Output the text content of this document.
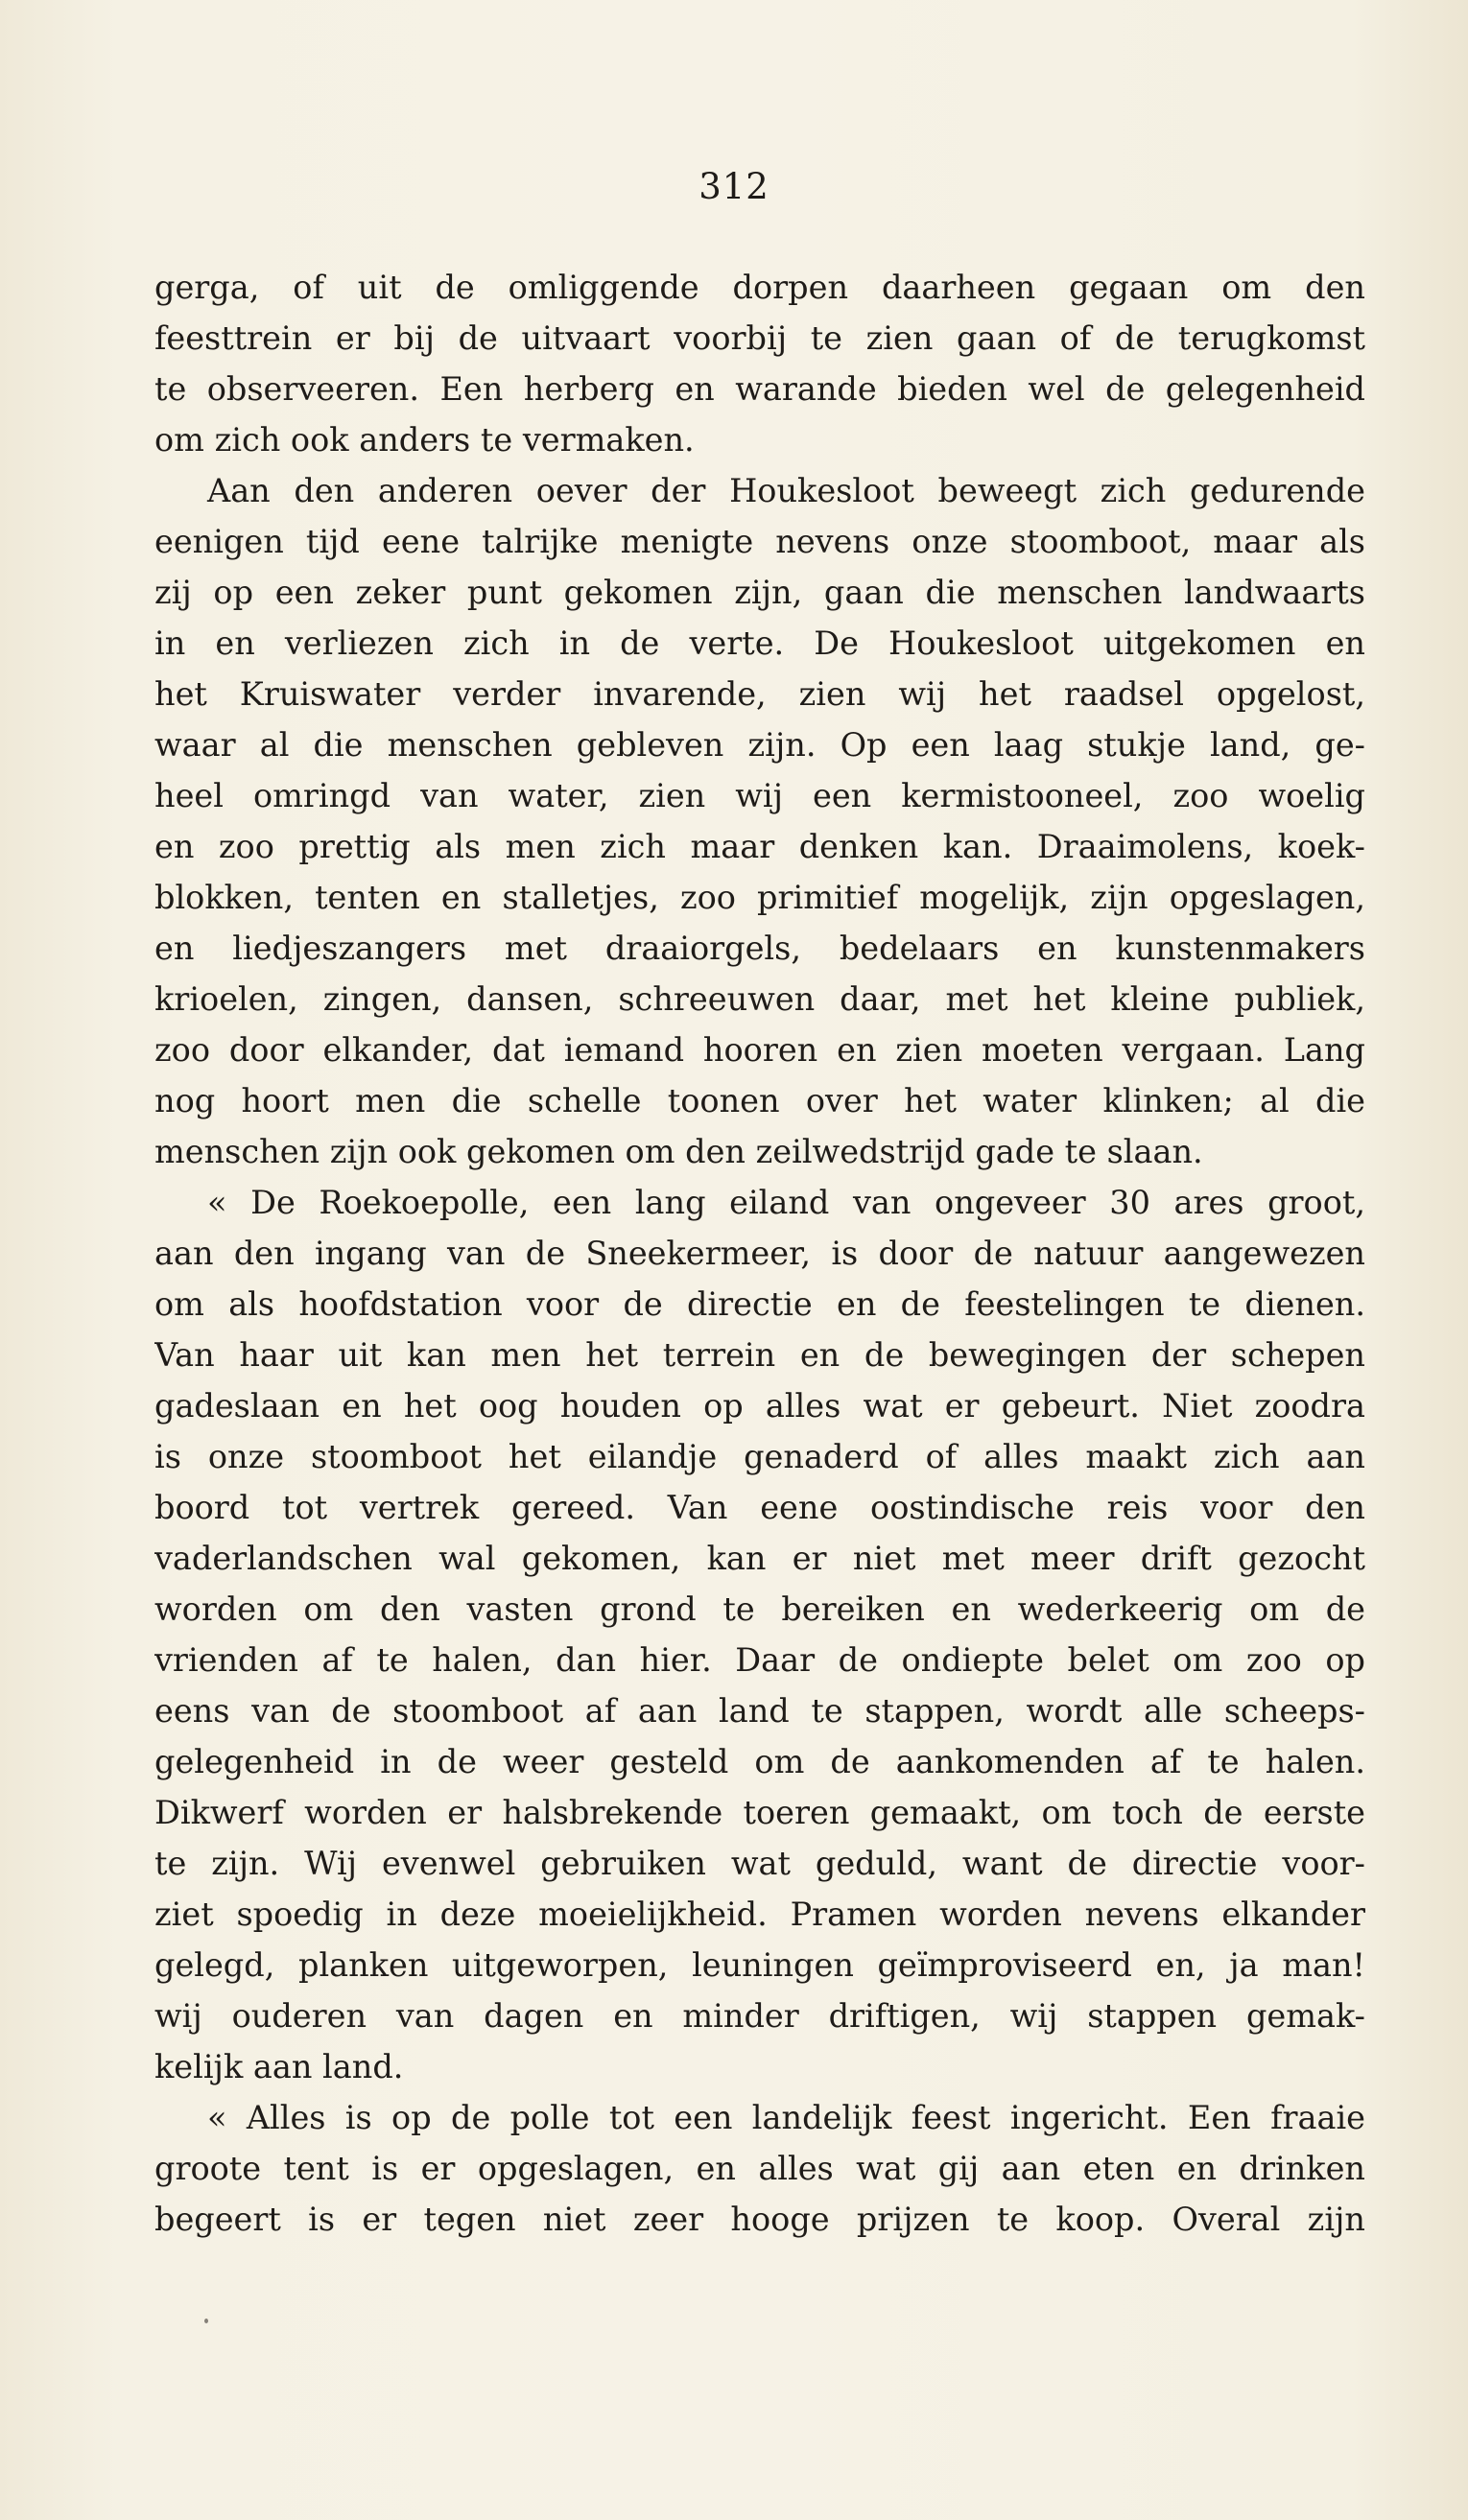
312
gerga, of uit de omliggende dorpen daarheen gegaan om den
feesttrein er bij de uitvaart voorbij te zien gaan of de terugkomst
te observeeren. Een herberg en warande bieden wel de gelegenheid
om zich ook anders te vermaken.
Aan den anderen oever der Houkesloot beweegt zich gedurende
eenigen tijd eene talrijke menigte nevens onze stoomboot, maar als
zij op een zeker punt gekomen zijn, gaan die menschen landwaarts
in en verliezen zich in de verte. De Houkesloot uitgekomen en
het Kruiswater verder invarende, zien wij het raadsel opgelost,
waar al die menschen gebleven zijn. Op een laag stukje land, ge-
heel omringd van water, zien wij een kermistooneel, zoo woelig
en zoo prettig als men zich maar denken kan. Draaimolens, koek-
blokken, tenten en stalletjes, zoo primitief mogelijk, zijn opgeslagen,
en liedjeszangers met draaiorgels, bedelaars en kunstenmakers
krioelen, zingen, dansen, schreeuwen daar, met het kleine publiek,
zoo door elkander, dat iemand hooren en zien moeten vergaan. Lang
nog hoort men die schelle toonen over het water klinken; al die
menschen zijn ook gekomen om den zeilwedstrijd gade te slaan.
« De Roekoepolle, een lang eiland van ongeveer 30 ares groot,
aan den ingang van de Sneekermeer, is door de natuur aangewezen
om als hoofdstation voor de directie en de feestelingen te dienen.
Van haar uit kan men het terrein en de bewegingen der schepen
gadeslaan en het oog houden op alles wat er gebeurt. Niet zoodra
is onze stoomboot het eilandje genaderd of alles maakt zich aan
boord tot vertrek gereed. Van eene oostindische reis voor den
vaderlandschen wal gekomen, kan er niet met meer drift gezocht
worden om den vasten grond te bereiken en wederkeerig om de
vrienden af te halen, dan hier. Daar de ondiepte belet om zoo op
eens van de stoomboot af aan land te stappen, wordt alle scheeps-
gelegenheid in de weer gesteld om de aankomenden af te halen.
Dikwerf worden er halsbrekende toeren gemaakt, om toch de eerste
te zijn. Wij evenwel gebruiken wat geduld, want de directie voor-
ziet spoedig in deze moeielijkheid. Pramen worden nevens elkander
gelegd, planken uitgeworpen, leuningen geïmproviseerd en, ja man!
wij ouderen van dagen en minder driftigen, wij stappen gemak-
kelijk aan land.
« Alles is op de polle tot een landelijk feest ingericht. Een fraaie
groote tent is er opgeslagen, en alles wat gij aan eten en drinken
begeert is er tegen niet zeer hooge prijzen te koop. Overal zijn
